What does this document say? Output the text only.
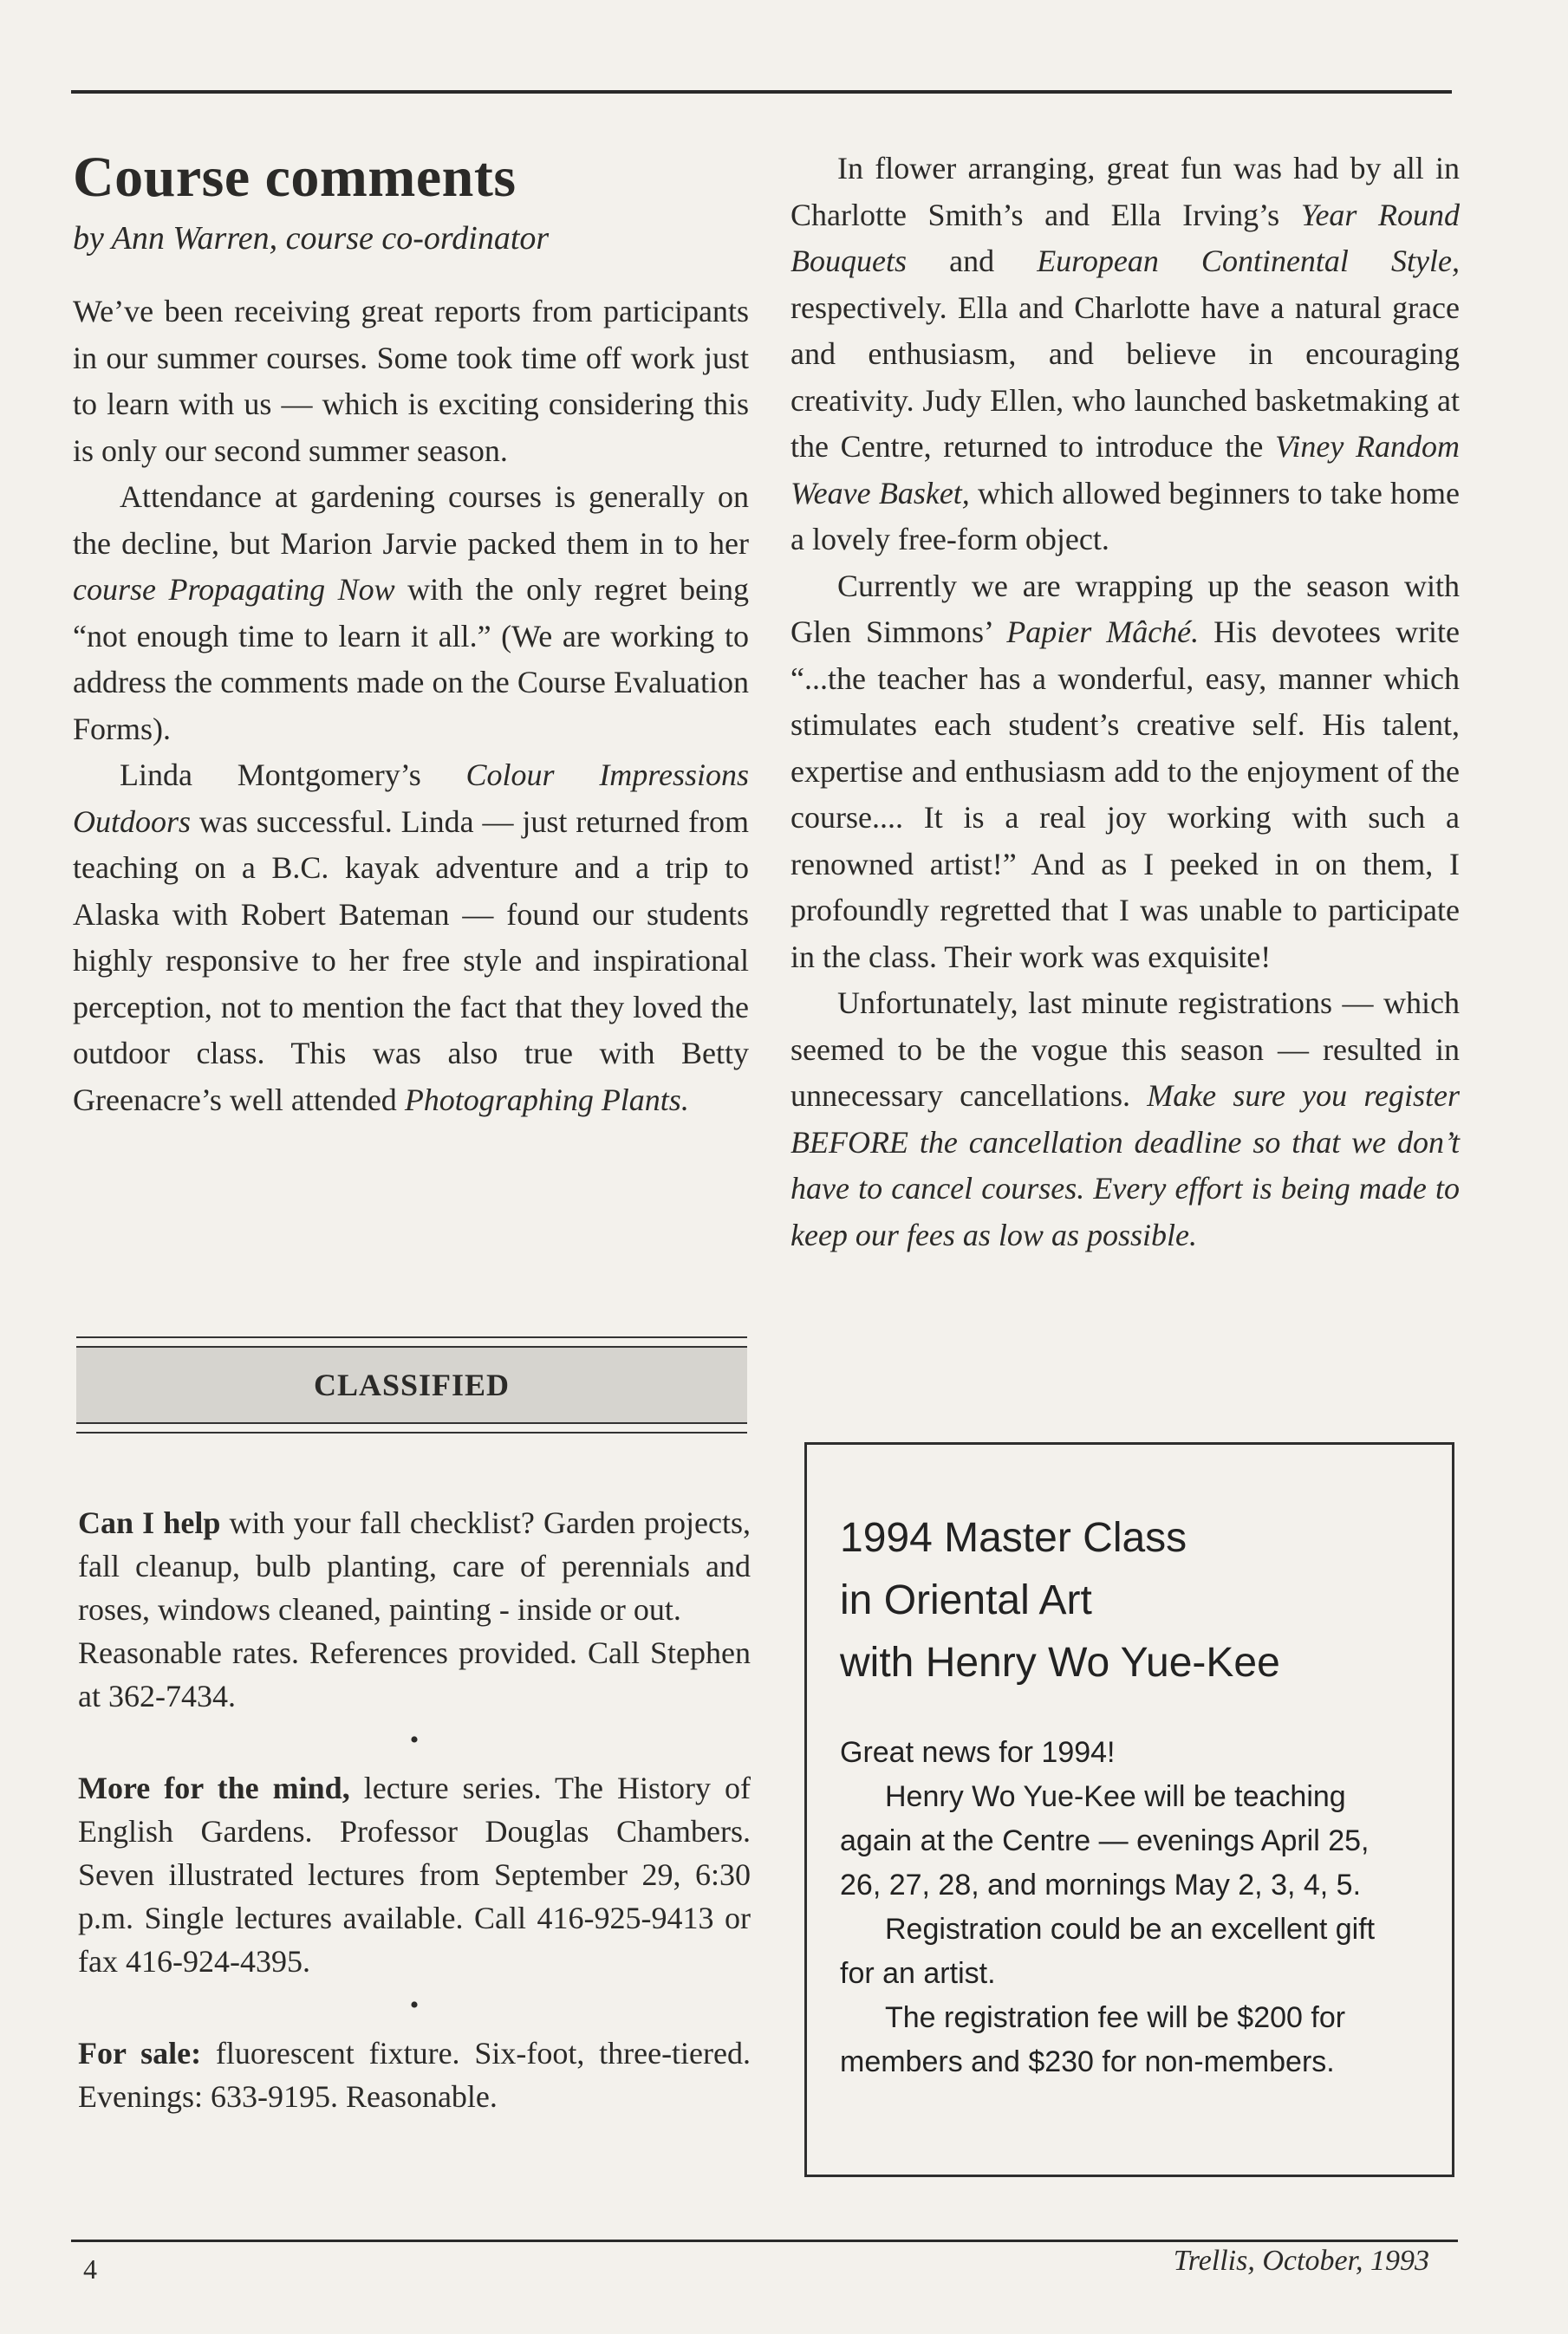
Course comments
by Ann Warren, course co-ordinator

We’ve been receiving great reports from participants in our summer courses. Some took time off work just to learn with us — which is exciting considering this is only our second summer season.

Attendance at gardening courses is generally on the decline, but Marion Jarvie packed them in to her course Propagating Now with the only regret being “not enough time to learn it all.” (We are working to address the comments made on the Course Evaluation Forms).

Linda Montgomery’s Colour Impressions Outdoors was successful. Linda — just returned from teaching on a B.C. kayak adventure and a trip to Alaska with Robert Bateman — found our students highly responsive to her free style and inspirational perception, not to mention the fact that they loved the outdoor class. This was also true with Betty Greenacre’s well attended Photographing Plants.

In flower arranging, great fun was had by all in Charlotte Smith’s and Ella Irving’s Year Round Bouquets and European Continental Style, respectively. Ella and Charlotte have a natural grace and enthusiasm, and believe in encouraging creativity. Judy Ellen, who launched basketmaking at the Centre, returned to introduce the Viney Random Weave Basket, which allowed beginners to take home a lovely free-form object.

Currently we are wrapping up the season with Glen Simmons’ Papier Mâché. His devotees write “...the teacher has a wonderful, easy, manner which stimulates each student’s creative self. His talent, expertise and enthusiasm add to the enjoyment of the course.... It is a real joy working with such a renowned artist!” And as I peeked in on them, I profoundly regretted that I was unable to participate in the class. Their work was exquisite!

Unfortunately, last minute registrations — which seemed to be the vogue this season — resulted in unnecessary cancellations. Make sure you register BEFORE the cancellation deadline so that we don’t have to cancel courses. Every effort is being made to keep our fees as low as possible.

CLASSIFIED

Can I help with your fall checklist? Garden projects, fall cleanup, bulb planting, care of perennials and roses, windows cleaned, painting - inside or out.

Reasonable rates. References provided. Call Stephen at 362-7434.

•

More for the mind, lecture series. The History of English Gardens. Professor Douglas Chambers. Seven illustrated lectures from September 29, 6:30 p.m. Single lectures available. Call 416-925-9413 or fax 416-924-4395.

•

For sale: fluorescent fixture. Six-foot, three-tiered. Evenings: 633-9195. Reasonable.

1994 Master Class
in Oriental Art
with Henry Wo Yue-Kee

Great news for 1994!

Henry Wo Yue-Kee will be teaching again at the Centre — evenings April 25, 26, 27, 28, and mornings May 2, 3, 4, 5.

Registration could be an excellent gift for an artist.

The registration fee will be $200 for members and $230 for non-members.

4	Trellis, October, 1993
